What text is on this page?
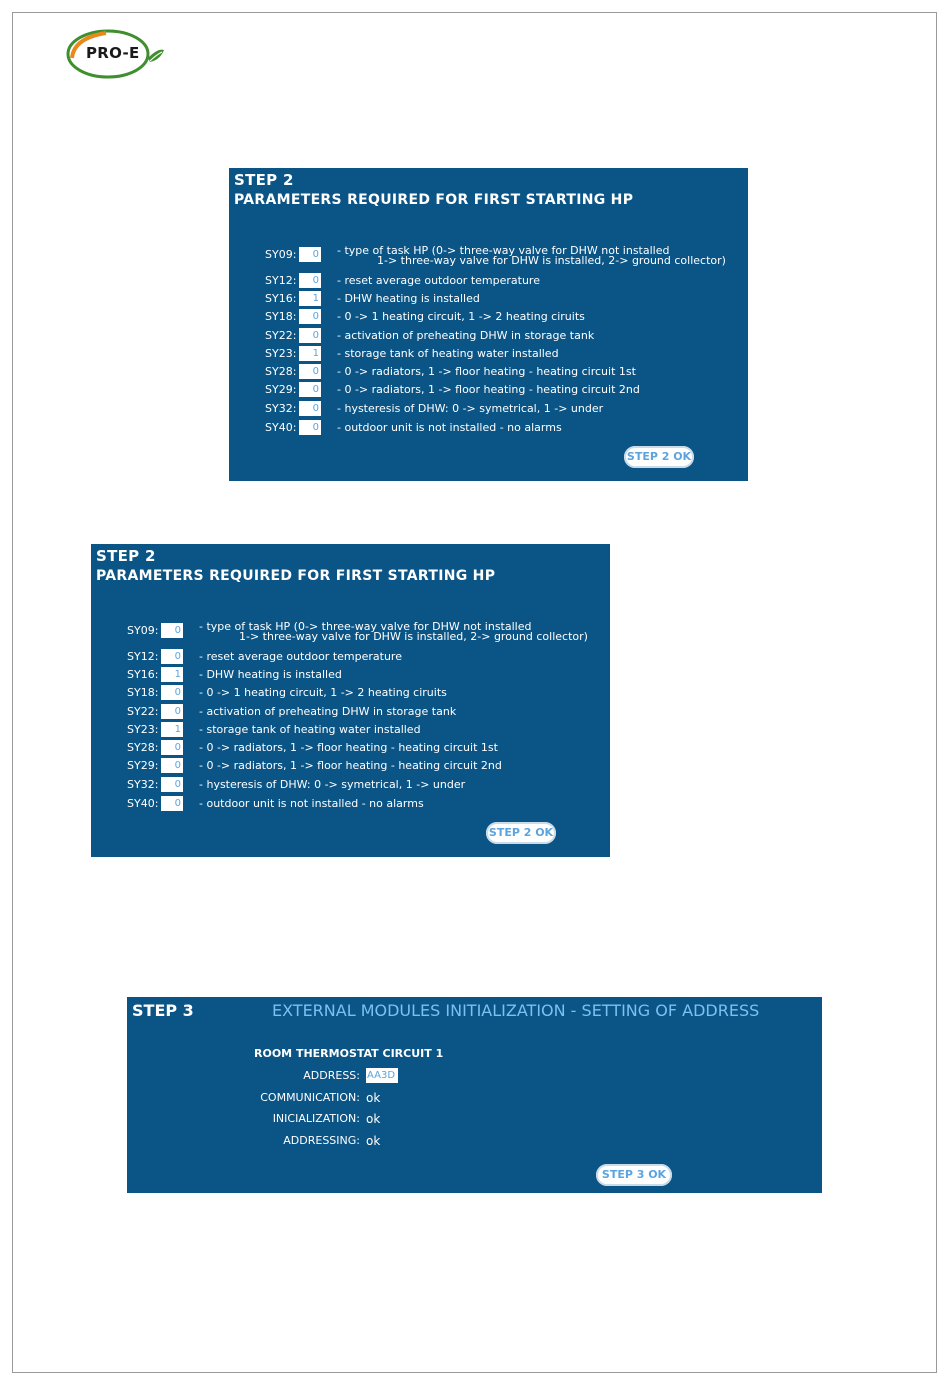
PRO-E
STEP 2
PARAMETERS REQUIRED FOR FIRST STARTING HP
SY09:	0 - type of task HP (0-> three-way valve for DHW not installed
1-> three-way valve for DHW is installed, 2-> ground collector)
SY12:	0 - reset average outdoor temperature
SY16:	1 - DHW heating is installed
SY18:	0 - 0 -> 1 heating circuit, 1 -> 2 heating ciruits
SY22:	0 - activation of preheating DHW in storage tank
SY23:	1 - storage tank of heating water installed
SY28:	0 - 0 -> radiators, 1 -> floor heating - heating circuit 1st
SY29:	0 - 0 -> radiators, 1 -> floor heating - heating circuit 2nd
SY32:	0 - hysteresis of DHW: 0 -> symetrical, 1 -> under
SY40:	0 - outdoor unit is not installed - no alarms
STEP 2 OK
STEP 2
PARAMETERS REQUIRED FOR FIRST STARTING HP
SY09:	0 - type of task HP (0-> three-way valve for DHW not installed
1-> three-way valve for DHW is installed, 2-> ground collector)
SY12:	0 - reset average outdoor temperature
SY16:	1 - DHW heating is installed
SY18:	0 - 0 -> 1 heating circuit, 1 -> 2 heating ciruits
SY22:	0 - activation of preheating DHW in storage tank
SY23:	1 - storage tank of heating water installed
SY28:	0 - 0 -> radiators, 1 -> floor heating - heating circuit 1st
SY29:	0 - 0 -> radiators, 1 -> floor heating - heating circuit 2nd
SY32:	0 - hysteresis of DHW: 0 -> symetrical, 1 -> under
SY40:	0 - outdoor unit is not installed - no alarms
STEP 2 OK
STEP 3	EXTERNAL MODULES INITIALIZATION - SETTING OF ADDRESS
ROOM THERMOSTAT CIRCUIT 1
ADDRESS: AA3D
COMMUNICATION: ok
INICIALIZATION: ok
ADDRESSING: ok
STEP 3 OK
